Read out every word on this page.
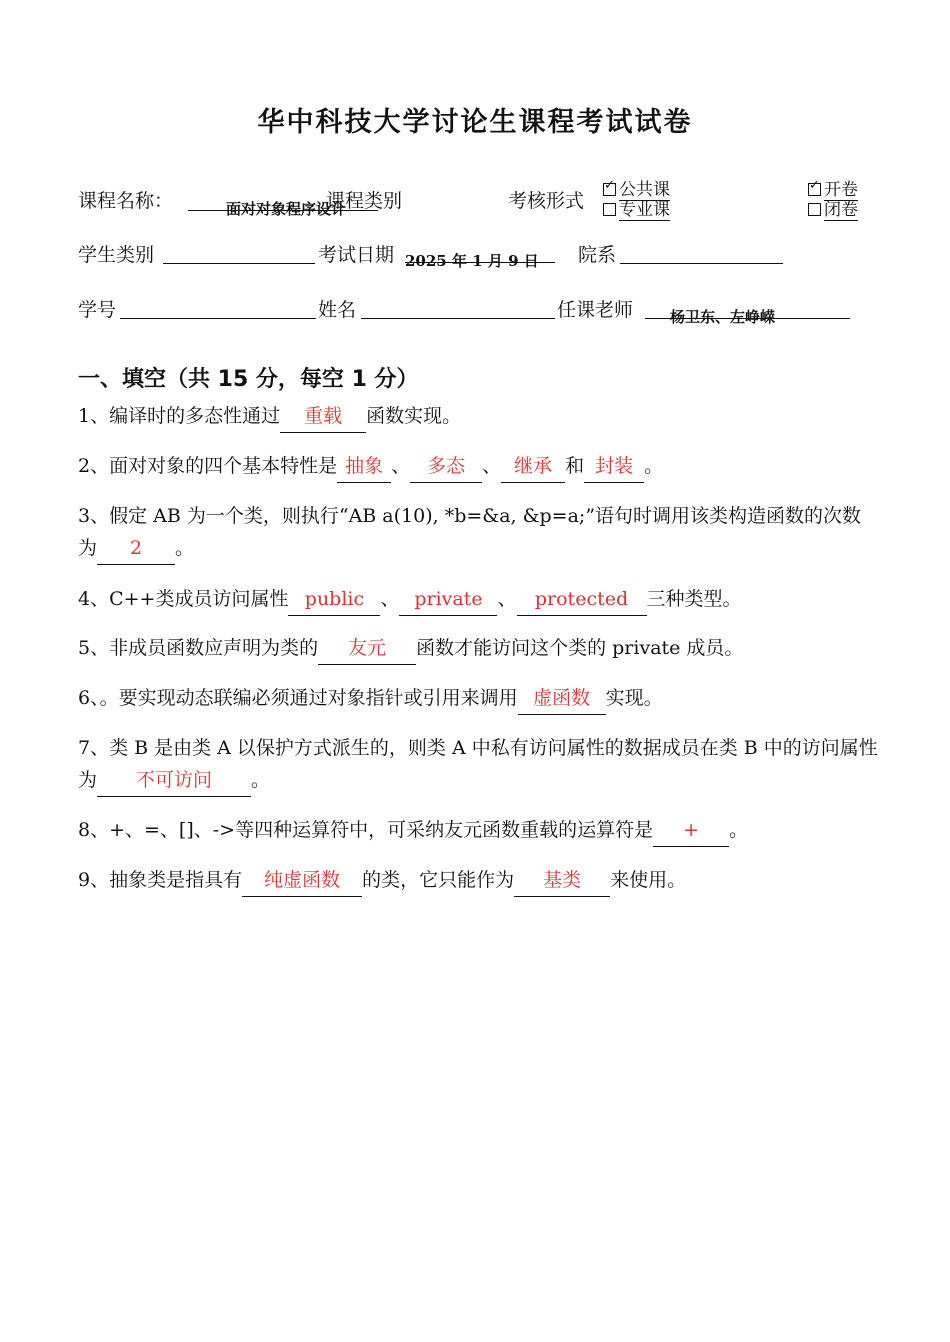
华中科技大学讨论生课程考试试卷
课程名称：	面对对象程序设计
课程类别	考核形式
✓	公共课
专业课
✓开卷
闭卷
学生类别	考试日期 2025 年 1 月 9 日 院系
学号	姓名	任课老师 杨卫东、左峥嵘
一、填空（共 15 分，每空 1 分）
1、编译时的多态性通过 重载 函数实现。
2、面对对象的四个基本特性是 抽象 、 多态 、 继承 和 封装 。
3、假定 AB 为一个类，则执行“AB a(10), *b=&a, &p=a;”语句时调用该类构造函数的次数为 2 。
4、C++类成员访问属性 public 、 private 、 protected 三种类型。
5、非成员函数应声明为类的 友元 函数才能访问这个类的 private 成员。
6、。要实现动态联编必须通过对象指针或引用来调用 虚函数 实现。
7、类 B 是由类 A 以保护方式派生的，则类 A 中私有访问属性的数据成员在类 B 中的访问属性为 不可访问 。
8、+、=、[]、->等四种运算符中，可采纳友元函数重载的运算符是 + 。
9、抽象类是指具有 纯虚函数 的类，它只能作为 基类 来使用。
